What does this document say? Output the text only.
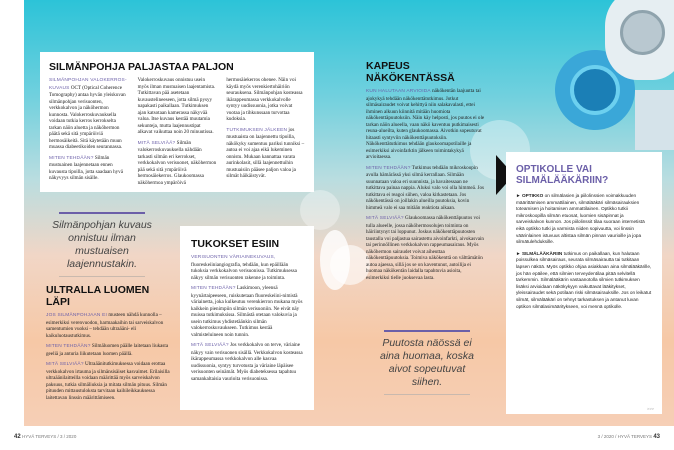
SILMÄNPOHJA PALJASTAA PALJON

SILMÄNPOHJAN VALOKERROSKUVAUS OCT (Optical Coherence Tomography) antaa hyvän yleiskuvan silmänpohjan verisuonten, verkkokalvon ja näköhermon kunnosta. Valokerroskuvauksella voidaan tutkia kerros kerrokselta tarkan näön aluetta ja näköhermon päätä sekä sitä ympäröiviä hermosäikeitä. Sitä käytetään muun muassa diabeetikoiden seurannassa.

MITEN TEHDÄÄN? Silmän mustuainen laajennetaan ennen kuvausta tipoilla, jotta saadaan hyvä näkyvyys silmän sisälle. Valokerroskuvaus onnistuu usein myös ilman mustuaisen laajentamista. Tutkittavan pää asetetaan kuvaustelineeseen, jotta silmä pysyy napakasti paikallaan. Tutkimuksen ajan katsotaan kamerassa näkyvää valoa. Itse kuvaus kestää muutamia sekunteja, mutta laajennustipat alkavat vaikuttaa noin 20 minuutissa.

MITÄ SELVIÄÄ? Silmän valokerroskuvauksella nähdään tarkasti silmän eri kerrokset, verkkokalvon verisuonet, näköhermon pää sekä sitä ympäröivä hermosäiekerros. Glaukoomassa näköhermoa ympäröivä hermosäiekerros ohenee. Näin voi käydä myös verenkiertohäiriön seurauksena. Silmänpohjan kosteassa ikärappeumassa verkkokalvolle syntyy uudissuonia, jotka voivat vuotaa ja tihkunssaan turvottaa kudoksia.

TUTKIMUKSEN JÄLKEEN jos mustuaista on laajennettu tipoilla, näkökyky sumentuu pariksi tunniksi – autoa ei voi ajaa eikä lukeminen onnistu. Mukaan kannattaa varata aurinkolasit, sillä laajennettuihin mustuaisiin pääsee paljon valoa ja silmät häikäistyvät.

Silmänpohjan kuvaus onnistuu ilman mustuaisen laajennustakin.
ULTRALLA LUOMEN LÄPI

JOS SILMÄNPOHJAAN EI musteen nähdä kunnolla – esimerkiksi verenvuodon, harmaakaihin tai sarveiskalvon samentumien vuoksi – tehdään ultraääni- eli kaikuluotaustutkimus.

MITEN TEHDÄÄN? Silmäluomen päälle laitetaan liukasta geeliä ja anturia liikutetaan luomen päällä.

MITÄ SELVIÄÄ? Ultraäänitutkimuksessa voidaan erottaa verkkokalvon irtauma ja silmänsisäiset kasvaimet. Erilaisilla ultraäänilaitteilla voidaan määrittää myös sarveiskalvon paksuus, tutkia silmäliuksia ja mitata silmän pituus. Silmän pituuden mittaustuloksta tarvitaan kaihileikkauksessa laitettavan linssin määrittämiseen.

TUKOKSET ESIIN

VERISUONTEN VÄRIAINEKUVAUS, fluoreskeiiniangiografia, tehdään, kun epäillään tukoksia verkkokalvon verisuonissa. Tutkimuksessa näkyy silmän verisuonten rakenne ja toiminta.

MITEN TEHDÄÄN? Laskimoon, yleensä kyynärtaipeeseen, ruiskutetaan fluoreskeiini-nimistä väriainetta, joka kulkeutuu verenkierron mukana myös kaikkein pienimpiin silmän verisuoniin. Ne eivät näy muissa tutkimuksissa. Silmästä otetaan valokuvia ja usein tutkimus yhdistetäänkin silmän valokerroskuvaukseen. Tutkimus kestää valmisteluineen noin tunnin.

MITÄ SELVIÄÄ? Jos verkkokalvo on terve, väriaine näkyy vain verisuonen sisällä. Verkkokalvon kosteassa ikärappeumassa verkkokalvon alle kasvaa uudissuonia, syntyy turvotusta ja väriaine läpäisee verisuonten seinämät. Myös diabeteksessa tapahtuu samankaltaisia vaurioita verisuonissa.

42 HYVÄ TERVEYS / 3 / 2020
KAPEUS NÄKÖKENTÄSSÄ

KUN HALUTAAN ARVIOIDA näkökentän laajuutta tai ajokykyä tehdään näkökenttätutkimus. Jotkut silmäsairaudet voivat kehittyä niin salakavalasti, ettei ihminen alkuun kiinnitä mitään huomiota näkökenttäpuutoksiin. Näin käy helposti, jos puutos ei ole tarkan näön alueella, vaan näkö kaventuu putkimaisesti reuna-alueilta, kuten glaukoomassa. Aivotkin sopeutuvat hitaasti syntyviin näkökenttäpuutoksiin. Näkökenttätutkimus tehdään glaukoomapotilaille ja esimerkiksi aivoinfarktin jälkeen toimintakykyä arvioitaessa.

MITEN TEHDÄÄN? Tutkimus tehdään mikroskoopin avulla hämärässä yksi silmä kerrallaan. Silmään suunnataan valoa eri suunnista, ja havaitessaan ne tutkittava painaa nappia. Aluksi valo voi olla himmeä. Jos tutkittava ei reagoi siihen, valoa kirkastetaan. Jos näkökentässä on joillakin alueilla puutoksia, kovin himmeä valo ei saa mitään reaktiota aikaan.

MITÄ SELVIÄÄ? Glaukoomassa näkökenttäpuutos voi tulla alueelle, jossa näköhermosolujen toiminta on häiriintynyt tai loppunut. Joskus näkökenttäpuutosten taustalla voi paljastua sairastettu aivoinfarkti, aivokasvain tai perinnöllinen verkkokalvon rappeumasairaus. Myös näköhermon sairaudet voivat aiheuttaa näkökenttäpuutoksia. Toimiva näkökenttä on välttämätön autoa ajaessa, sillä jos se on kaventunut, autoilija ei huomaa näkökentän laidalla tapahtuvia asioita, esimerkiksi tielle juoksevaa lasta.

Puutosta näössä ei aina huomaa, koska aivot sopeutuvat siihen.
OPTIKOLLE VAI SILMÄLÄÄKÄRIIN?

► OPTIKKO on silmälasien ja piilolinssien voimakkuuden määrittämisen ammattilainen, silmälääkäri silmäsairauksien toteamisen ja hoitamisen ammattilainen. Optikko tutkii mikroskoopilla silmän etuosat, luomien sisäpinnat ja sarveiskalvon kunnon. Jos piilolinssit tilaa suoraan internetistä eikä optikko tutki ja varmista niiden sopivuutta, voi linssin väärinlainen istuvuus altistaa silmän pinnan vaurioille ja jopa silmätulehduksille.

► SILMÄLÄÄKÄRIIN tutkimus on paikallaan, kun halutaan poissulkea silmäsairaus, seurata silmäsairautta tai tutkitaan lapsen näköä. Myös optikko ohjaa asiakkaan aina silmälääkärille, jos hän epäilee, että silmien terveydentilaa pitää selvitellä tarkemmin. Silmälääkärin vastaanotolla silmien tutkimuksen lisäksi arvioidaan näkökykyyn vaikuttavat lääkitykset, yleissairaudet sekä potilaan riski silmäsairauksille. Jos on leikatut silmät, silmälääkäri on tehnyt tarkastuksen ja antanut luvan optikon silmälasimääritykseen, voi mennä optikolle.

>>>
3 / 2020 / HYVÄ TERVEYS 43
